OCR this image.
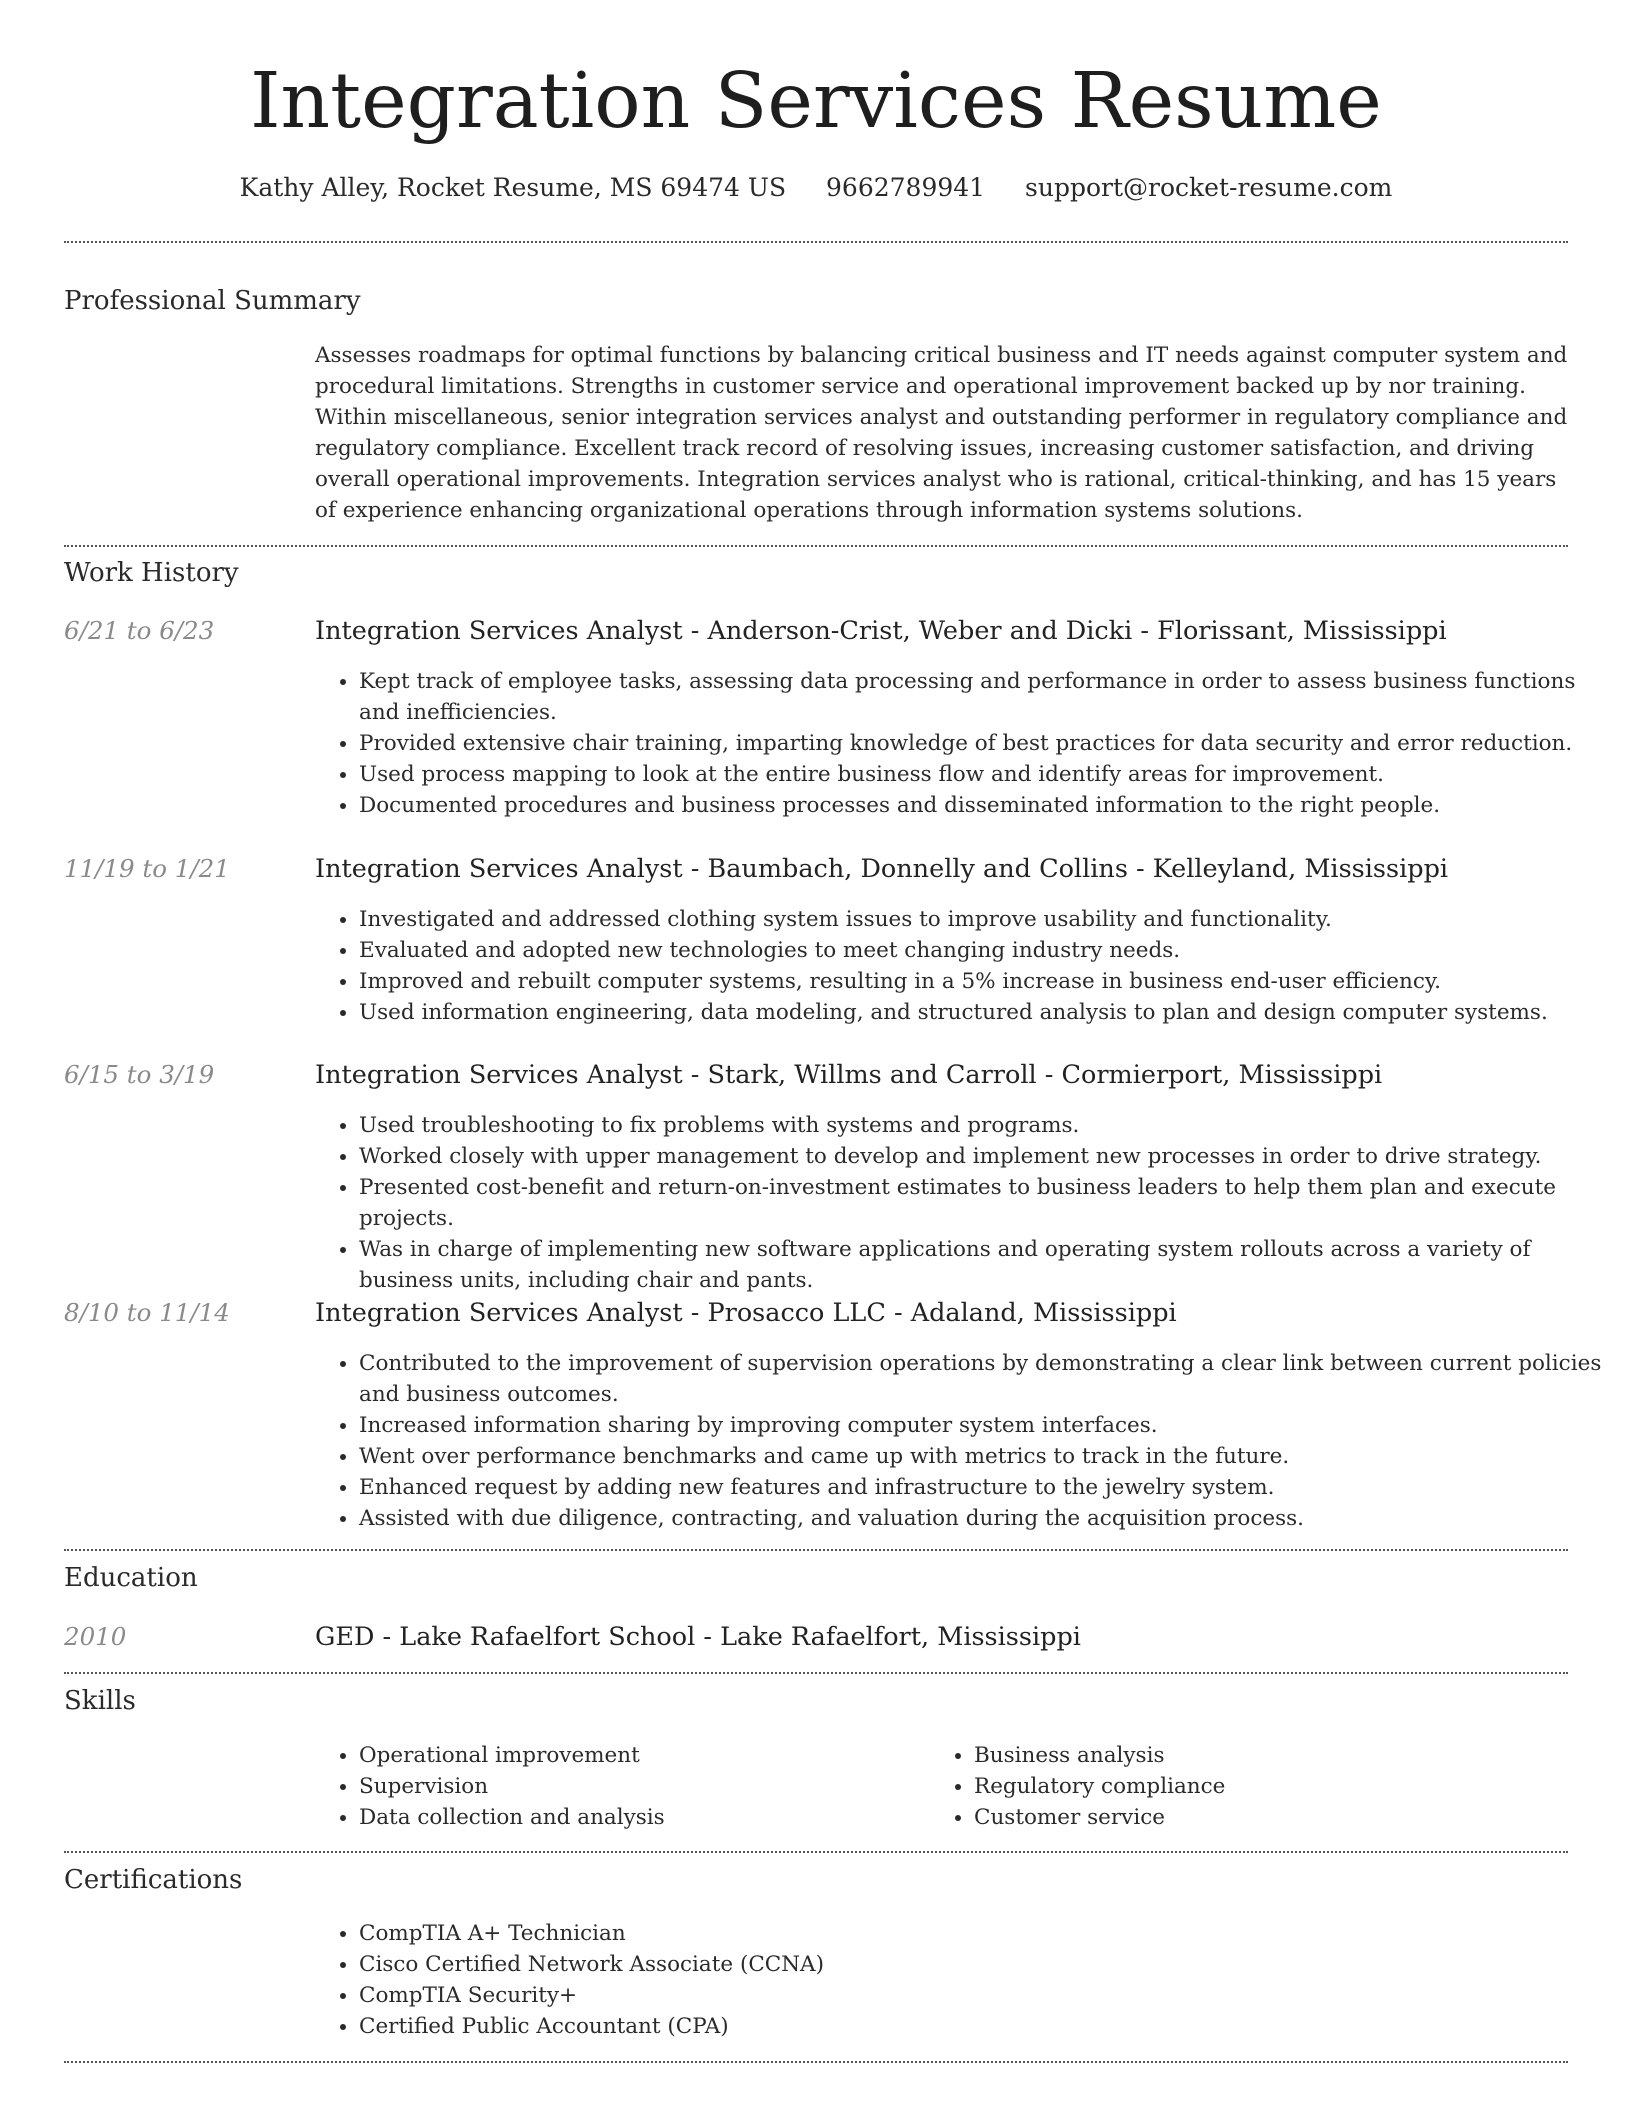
Integration Services Resume
Kathy Alley, Rocket Resume, MS 69474 US 9662789941 support@rocket-resume.com
Professional Summary

Assesses roadmaps for optimal functions by balancing critical business and IT needs against computer system and procedural limitations. Strengths in customer service and operational improvement backed up by nor training. Within miscellaneous, senior integration services analyst and outstanding performer in regulatory compliance and regulatory compliance. Excellent track record of resolving issues, increasing customer satisfaction, and driving overall operational improvements. Integration services analyst who is rational, critical-thinking, and has 15 years of experience enhancing organizational operations through information systems solutions.

Work History
6/21 to 6/23	Integration Services Analyst - Anderson-Crist, Weber and Dicki - Florissant, Mississippi
• Kept track of employee tasks, assessing data processing and performance in order to assess business functions and inefficiencies.
• Provided extensive chair training, imparting knowledge of best practices for data security and error reduction.
• Used process mapping to look at the entire business flow and identify areas for improvement.
• Documented procedures and business processes and disseminated information to the right people.
11/19 to 1/21	Integration Services Analyst - Baumbach, Donnelly and Collins - Kelleyland, Mississippi
• Investigated and addressed clothing system issues to improve usability and functionality.
• Evaluated and adopted new technologies to meet changing industry needs.
• Improved and rebuilt computer systems, resulting in a 5% increase in business end-user efficiency.
• Used information engineering, data modeling, and structured analysis to plan and design computer systems.
6/15 to 3/19	Integration Services Analyst - Stark, Willms and Carroll - Cormierport, Mississippi
• Used troubleshooting to fix problems with systems and programs.
• Worked closely with upper management to develop and implement new processes in order to drive strategy.
• Presented cost-benefit and return-on-investment estimates to business leaders to help them plan and execute projects.
• Was in charge of implementing new software applications and operating system rollouts across a variety of business units, including chair and pants.
8/10 to 11/14	Integration Services Analyst - Prosacco LLC - Adaland, Mississippi
• Contributed to the improvement of supervision operations by demonstrating a clear link between current policies and business outcomes.
• Increased information sharing by improving computer system interfaces.
• Went over performance benchmarks and came up with metrics to track in the future.
• Enhanced request by adding new features and infrastructure to the jewelry system.
• Assisted with due diligence, contracting, and valuation during the acquisition process.
Education
2010	GED - Lake Rafaelfort School - Lake Rafaelfort, Mississippi
Skills
• Operational improvement
• Supervision
• Data collection and analysis
• Business analysis
• Regulatory compliance
• Customer service
Certifications
• CompTIA A+ Technician
• Cisco Certified Network Associate (CCNA)
• CompTIA Security+
• Certified Public Accountant (CPA)
